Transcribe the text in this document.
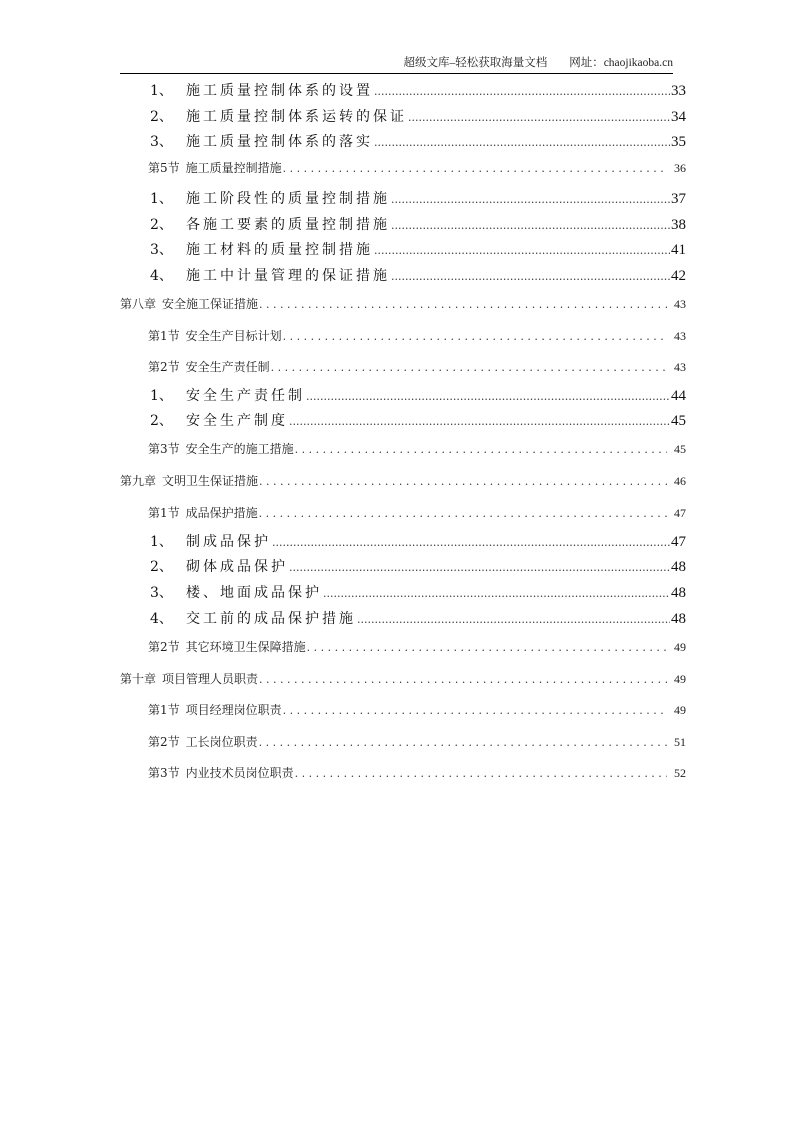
超级文库–轻松获取海量文档 网址：chaojikaoba.cn
1、 施工质量控制体系的设置 .....	33
2、 施工质量控制体系运转的保证 .....	34
3、 施工质量控制体系的落实 .....	35
第5节 施工质量控制措施 . . .	36
1、 施工阶段性的质量控制措施 .....	37
2、 各施工要素的质量控制措施 .....	38
3、 施工材料的质量控制措施 .....	41
4、 施工中计量管理的保证措施 .....	42
第八章 安全施工保证措施 . . .	43
第1节 安全生产目标计划 . . .	43
第2节 安全生产责任制 . . .	43
1、 安全生产责任制 .....	44
2、 安全生产制度 .....	45
第3节 安全生产的施工措施 . . .	45
第九章 文明卫生保证措施 . . .	46
第1节 成品保护措施 . . .	47
1、 制成品保护 .....	47
2、 砌体成品保护 .....	48
3、 楼、地面成品保护 .....	48
4、 交工前的成品保护措施 .....	48
第2节 其它环境卫生保障措施 . . .	49
第十章 项目管理人员职责 . . .	49
第1节 项目经理岗位职责 . . .	49
第2节 工长岗位职责 . . .	51
第3节 内业技术员岗位职责 . . .	52
